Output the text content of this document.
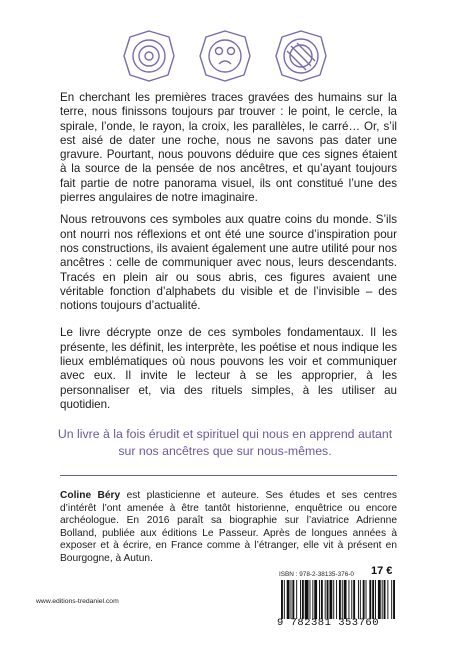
En cherchant les premières traces gravées des humains sur la terre, nous finissons toujours par trouver : le point, le cercle, la spirale, l’onde, le rayon, la croix, les parallèles, le carré… Or, s’il est aisé de dater une roche, nous ne savons pas dater une gravure. Pourtant, nous pouvons déduire que ces signes étaient à la source de la pensée de nos ancêtres, et qu’ayant toujours fait partie de notre panorama visuel, ils ont constitué l’une des pierres angulaires de notre imaginaire.

Nous retrouvons ces symboles aux quatre coins du monde. S’ils ont nourri nos réflexions et ont été une source d’inspiration pour nos constructions, ils avaient également une autre utilité pour nos ancêtres : celle de communiquer avec nous, leurs descendants. Tracés en plein air ou sous abris, ces figures avaient une véritable fonction d’alphabets du visible et de l’invisible – des notions toujours d’actualité.

Le livre décrypte onze de ces symboles fondamentaux. Il les présente, les définit, les interprète, les poétise et nous indique les lieux emblématiques où nous pouvons les voir et communiquer avec eux. Il invite le lecteur à se les approprier, à les personnaliser et, via des rituels simples, à les utiliser au quotidien.

Un livre à la fois érudit et spirituel qui nous en apprend autant sur nos ancêtres que sur nous-mêmes.
Coline Béry est plasticienne et auteure. Ses études et ses centres d’intérêt l’ont amenée à être tantôt historienne, enquêtrice ou encore archéologue. En 2016 paraît sa biographie sur l’aviatrice Adrienne Bolland, publiée aux éditions Le Passeur. Après de longues années à exposer et à écrire, en France comme à l’étranger, elle vit à présent en Bourgogne, à Autun.
ISBN : 978-2-38135-376-0 17 €
9 782381 353760
www.editions-tredaniel.com
